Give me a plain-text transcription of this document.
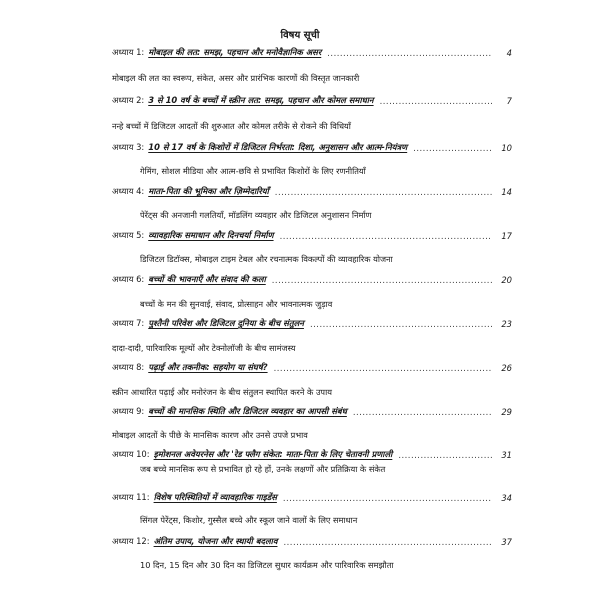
विषय सूची
अध्याय 1: मोबाइल की लत: समझ, पहचान और मनोवैज्ञानिक असर .....	4
मोबाइल की लत का स्वरूप, संकेत, असर और प्रारंभिक कारणों की विस्तृत जानकारी
अध्याय 2: 3 से 10 वर्ष के बच्चों में स्क्रीन लत: समझ, पहचान और कोमल समाधान .....	7
नन्हे बच्चों में डिजिटल आदतों की शुरुआत और कोमल तरीके से रोकने की विधियाँ
अध्याय 3: 10 से 17 वर्ष के किशोरों में डिजिटल निर्भरता: दिशा, अनुशासन और आत्म-नियंत्रण .....	10
गेमिंग, सोशल मीडिया और आत्म-छवि से प्रभावित किशोरों के लिए रणनीतियाँ
अध्याय 4: माता-पिता की भूमिका और ज़िम्मेदारियाँ .....	14
पेरेंट्स की अनजानी गलतियाँ, मॉडलिंग व्यवहार और डिजिटल अनुशासन निर्माण
अध्याय 5: व्यावहारिक समाधान और दिनचर्या निर्माण .....	17
डिजिटल डिटॉक्स, मोबाइल टाइम टेबल और रचनात्मक विकल्पों की व्यावहारिक योजना
अध्याय 6: बच्चों की भावनाएँ और संवाद की कला .....	20
बच्चों के मन की सुनवाई, संवाद, प्रोत्साहन और भावनात्मक जुड़ाव
अध्याय 7: पुश्तैनी परिवेश और डिजिटल दुनिया के बीच संतुलन .....	23
दादा-दादी, पारिवारिक मूल्यों और टेक्नोलॉजी के बीच सामंजस्य
अध्याय 8: पढ़ाई और तकनीक: सहयोग या संघर्ष? .....	26
स्क्रीन आधारित पढ़ाई और मनोरंजन के बीच संतुलन स्थापित करने के उपाय
अध्याय 9: बच्चों की मानसिक स्थिति और डिजिटल व्यवहार का आपसी संबंध .....	29
मोबाइल आदतों के पीछे के मानसिक कारण और उनसे उपजे प्रभाव
अध्याय 10: इमोशनल अवेयरनेस और 'रेड फ्लैग संकेत: माता-पिता के लिए चेतावनी प्रणाली .....	31
जब बच्चे मानसिक रूप से प्रभावित हो रहे हों, उनके लक्षणों और प्रतिक्रिया के संकेत
अध्याय 11: विशेष परिस्थितियों में व्यावहारिक गाइडेंस .....	34
सिंगल पेरेंट्स, किशोर, गुस्सैल बच्चे और स्कूल जाने वालों के लिए समाधान
अध्याय 12: अंतिम उपाय, योजना और स्थायी बदलाव .....	37
10 दिन, 15 दिन और 30 दिन का डिजिटल सुधार कार्यक्रम और पारिवारिक समझौता
